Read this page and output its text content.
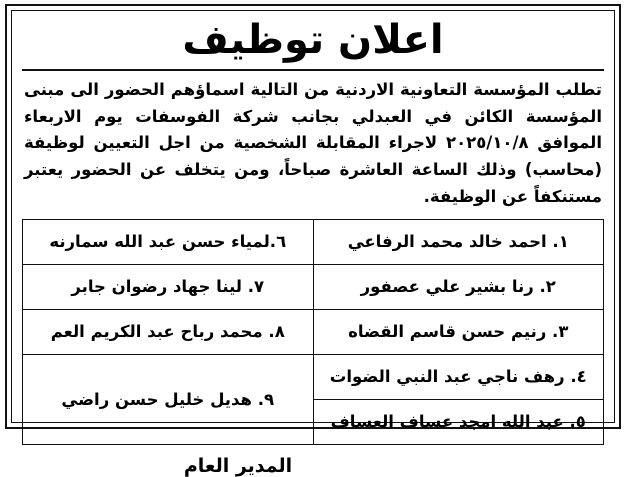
اعلان توظيف

تطلب المؤسسة التعاونية الاردنية من التالية اسماؤهم الحضور الى مبنى المؤسسة الكائن في العبدلي بجانب شركة الفوسفات يوم الاربعاء الموافق ٢٠٢٥/١٠/٨ لاجراء المقابلة الشخصية من اجل التعيين لوظيفة (محاسب) وذلك الساعة العاشرة صباحاً، ومن يتخلف عن الحضور يعتبر مستنكفاً عن الوظيفة.

١. احمد خالد محمد الرفاعي	٦.لمياء حسن عبد الله سمارنه
٢. رنا بشير علي عصفور	٧. لينا جهاد رضوان جابر
٣. رنيم حسن قاسم القضاه	٨. محمد رباح عبد الكريم العم
٤. رهف ناجي عبد النبي الضوات	٩. هديل خليل حسن راضي
٥. عبد الله امجد عساف العساف	
المدير العام
